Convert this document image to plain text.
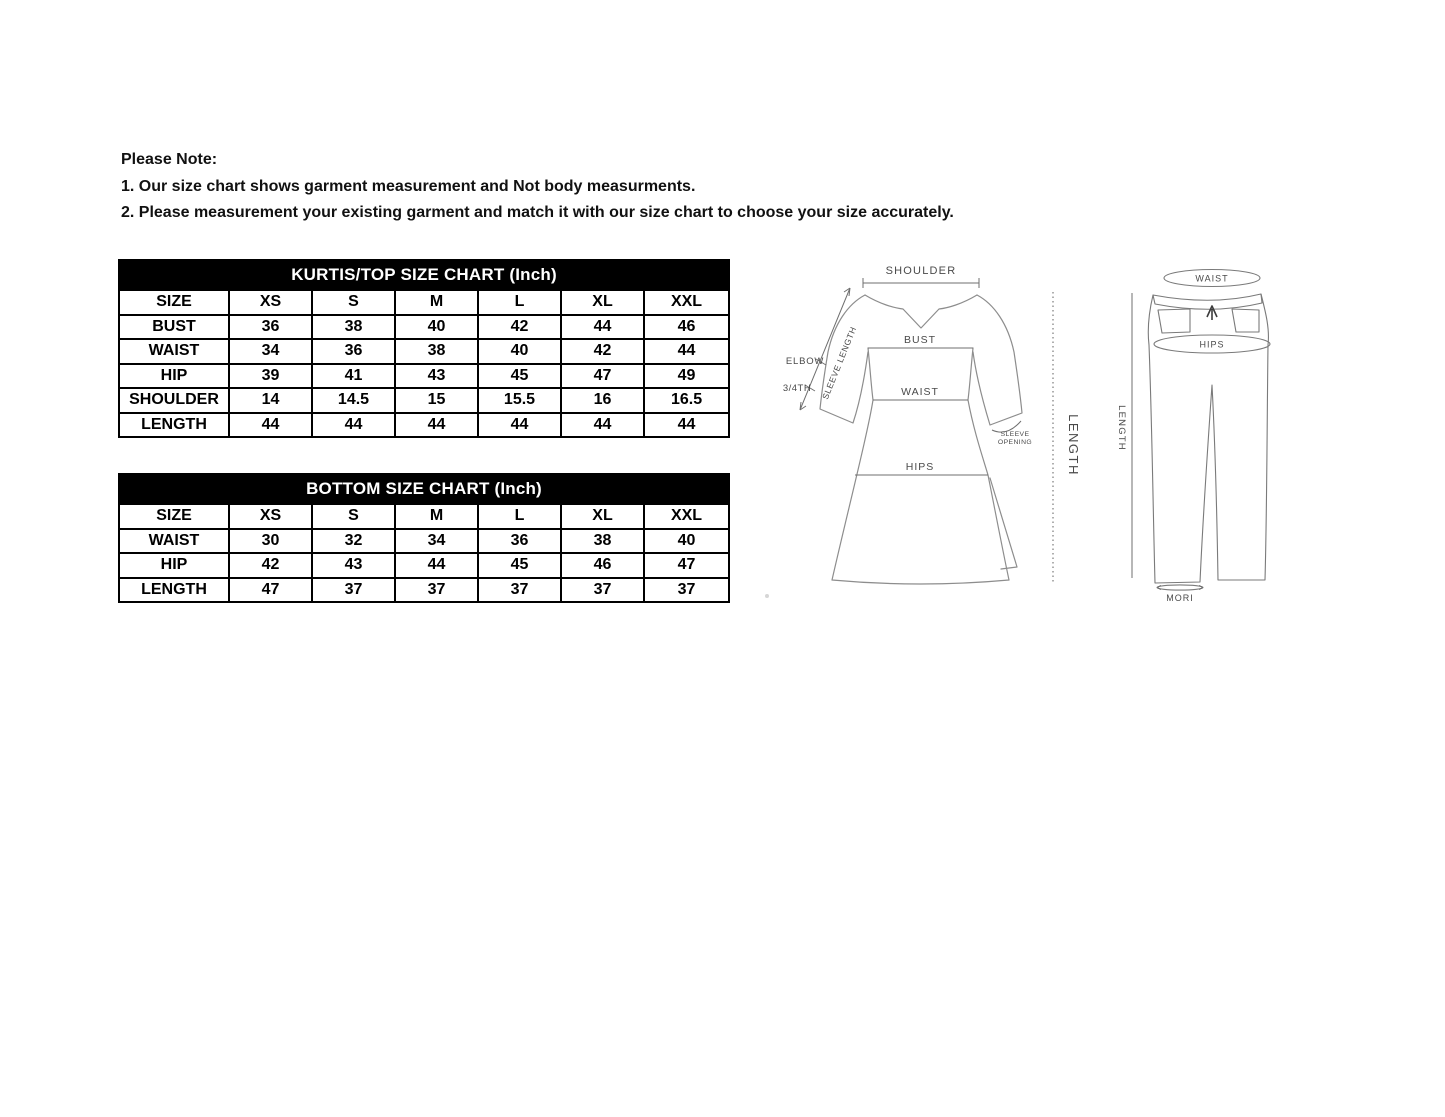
Please Note:
1. Our size chart shows garment measurement and Not body measurments.
2. Please measurement your existing garment and match it with our size chart to choose your size accurately.
KURTIS/TOP SIZE CHART (Inch)						
SIZE	XS	S	M	L	XL	XXL
BUST	36	38	40	42	44	46
WAIST	34	36	38	40	42	44
HIP	39	41	43	45	47	49
SHOULDER	14	14.5	15	15.5	16	16.5
LENGTH	44	44	44	44	44	44
BOTTOM SIZE CHART (Inch)						
SIZE	XS	S	M	L	XL	XXL
WAIST	30	32	34	36	38	40
HIP	42	43	44	45	46	47
LENGTH	47	37	37	37	37	37
SHOULDER
BUST
WAIST
HIPS
SLEEVE LENGTH
ELBOW
3/4TH
SLEEVE
OPENING	LENGTH
WAIST
HIPS
LENGTH
MORI
